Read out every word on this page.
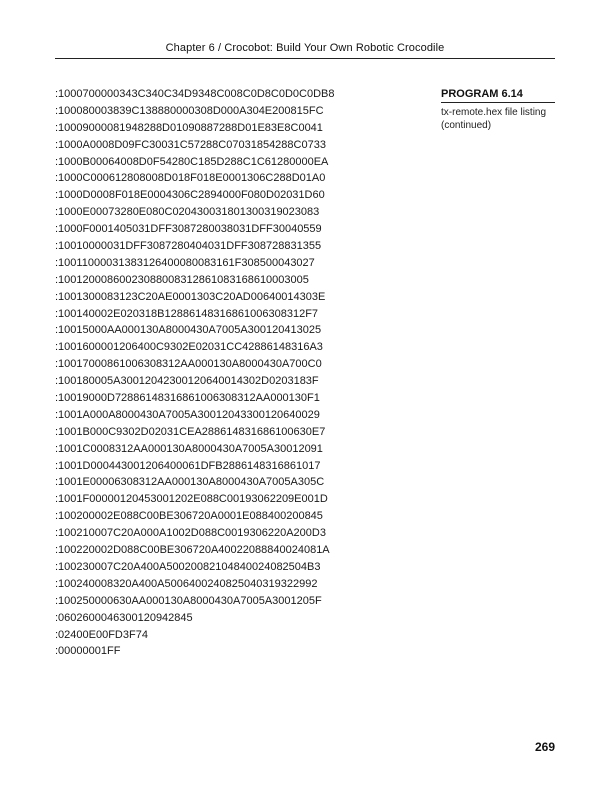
Chapter 6 / Crocobot: Build Your Own Robotic Crocodile
:1000700000343C340C34D9348C008C0D8C0D0C0DB8
:100080003839C138880000308D000A304E200815FC
:10009000081948288D01090887288D01E83E8C0041
:1000A0008D09FC30031C57288C07031854288C0733
:1000B00064008D0F54280C185D288C1C61280000EA
:1000C000612808008D018F018E0001306C288D01A0
:1000D0008F018E0004306C2894000F080D02031D60
:1000E00073280E080C020430031801300319023083
:1000F0001405031DFF3087280038031DFF30040559
:10010000031DFF3087280404031DFF308728831355
:10011000031383126400080083161F308500043027
:10012000860023088008312861083168610003005
:1001300083123C20AE0001303C20AD00640014303E
:100140002E020318B12886148316861006308312F7
:10015000AA000130A8000430A7005A300120413025
:1001600001206400C9302E02031CC42886148316A3
:10017000861006308312AA000130A8000430A700C0
:100180005A30012042300120640014302D0203183F
:10019000D72886148316861006308312AA000130F1
:1001A000A8000430A7005A30012043300120640029
:1001B000C9302D02031CEA288614831686100630E7
:1001C0008312AA000130A8000430A7005A30012091
:1001D000443001206400061DFB2886148316861017
:1001E00006308312AA000130A8000430A7005A305C
:1001F00000120453001202E088C00193062209E001D
:100200002E088C00BE306720A0001E088400200845
:100210007C20A000A1002D088C0019306220A200D3
:100220002D088C00BE306720A40022088840024081A
:100230007C20A400A50020082104840024082504B3
:100240008320A400A5006400240825040319322992
:100250000630AA000130A8000430A7005A3001205F
:0602600046300120942845
:02400E00FD3F74
:00000001FF
PROGRAM 6.14
tx-remote.hex file listing
(continued)
269
